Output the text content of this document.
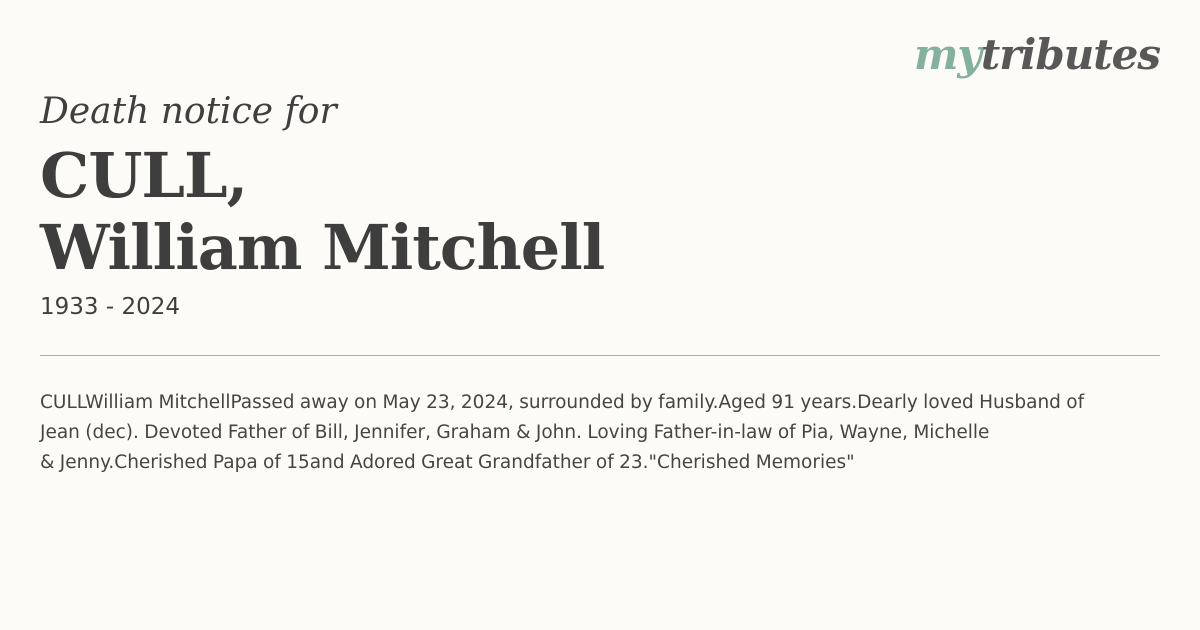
mytributes
Death notice for
CULL,
William Mitchell
1933 - 2024
CULLWilliam MitchellPassed away on May 23, 2024, surrounded by family.Aged 91 years.Dearly loved Husband of
Jean (dec). Devoted Father of Bill, Jennifer, Graham & John. Loving Father-in-law of Pia, Wayne, Michelle
& Jenny.Cherished Papa of 15and Adored Great Grandfather of 23."Cherished Memories"
